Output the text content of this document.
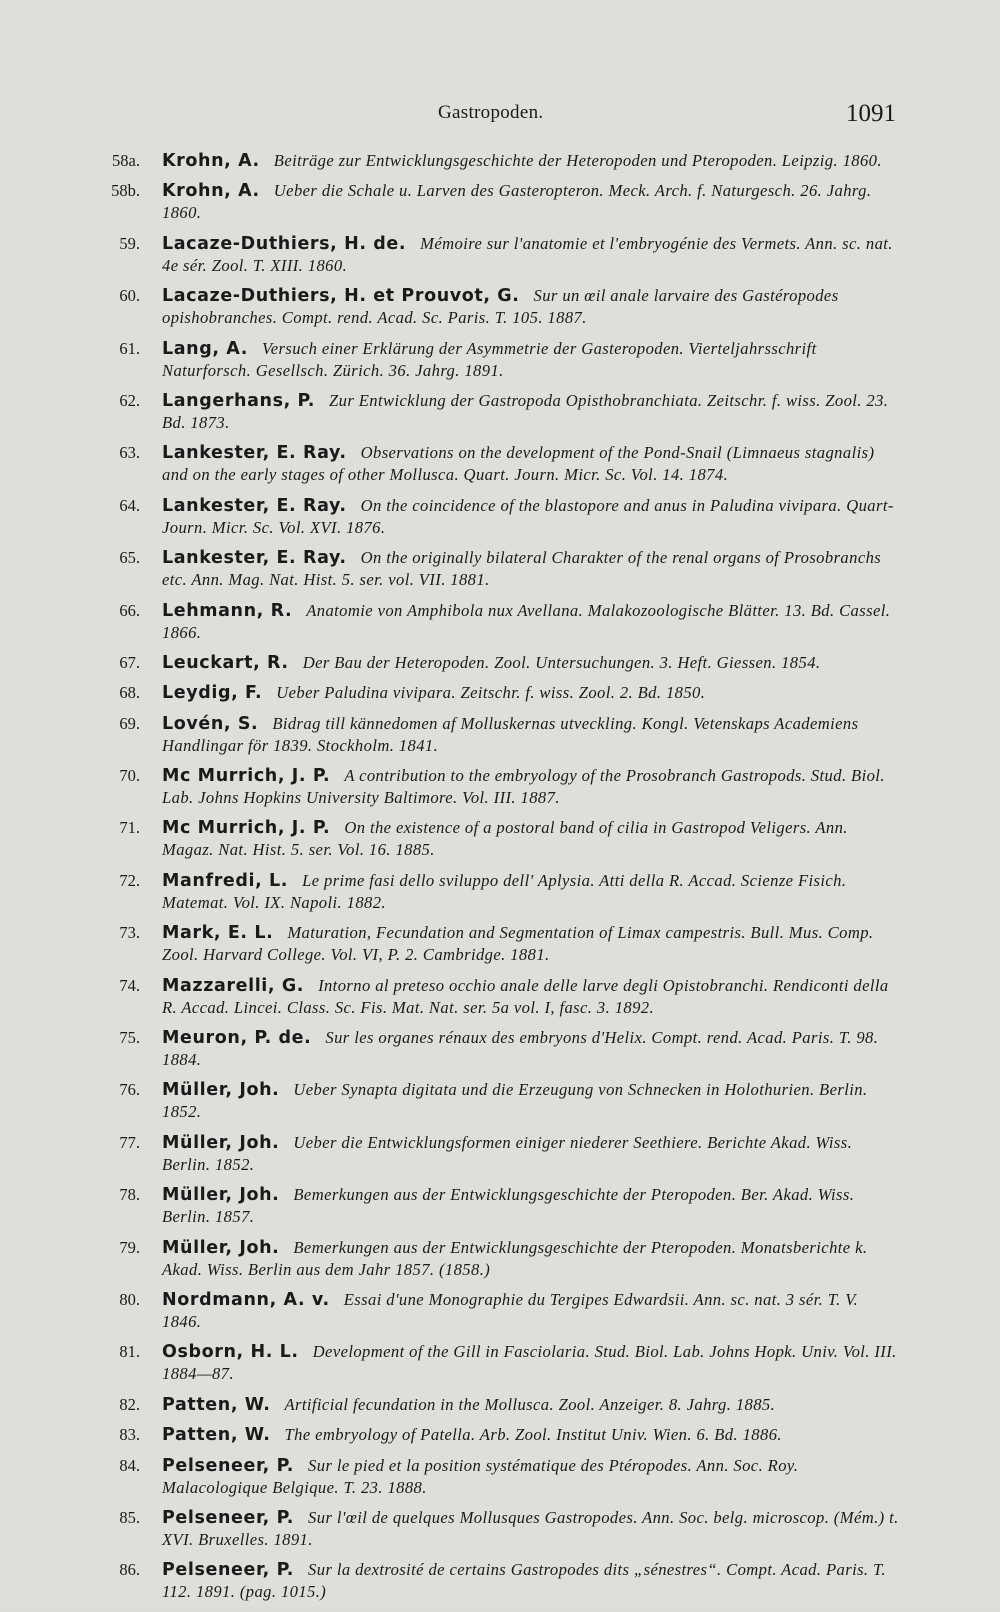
Gastropoden.	1091
58a. Krohn, A. Beiträge zur Entwicklungsgeschichte der Heteropoden und Pteropoden. Leipzig. 1860.
58b. Krohn, A. Ueber die Schale u. Larven des Gasteropteron. Meck. Arch. f. Naturgesch. 26. Jahrg. 1860.
59. Lacaze-Duthiers, H. de. Mémoire sur l'anatomie et l'embryogénie des Vermets. Ann. sc. nat. 4e sér. Zool. T. XIII. 1860.
60. Lacaze-Duthiers, H. et Prouvot, G. Sur un œil anale larvaire des Gastéropodes opishobranches. Compt. rend. Acad. Sc. Paris. T. 105. 1887.
61. Lang, A. Versuch einer Erklärung der Asymmetrie der Gasteropoden. Vierteljahrsschrift Naturforsch. Gesellsch. Zürich. 36. Jahrg. 1891.
62. Langerhans, P. Zur Entwicklung der Gastropoda Opisthobranchiata. Zeitschr. f. wiss. Zool. 23. Bd. 1873.
63. Lankester, E. Ray. Observations on the development of the Pond-Snail (Limnaeus stagnalis) and on the early stages of other Mollusca. Quart. Journ. Micr. Sc. Vol. 14. 1874.
64. Lankester, E. Ray. On the coincidence of the blastopore and anus in Paludina vivipara. Quart-Journ. Micr. Sc. Vol. XVI. 1876.
65. Lankester, E. Ray. On the originally bilateral Charakter of the renal organs of Prosobranchs etc. Ann. Mag. Nat. Hist. 5. ser. vol. VII. 1881.
66. Lehmann, R. Anatomie von Amphibola nux Avellana. Malakozoologische Blätter. 13. Bd. Cassel. 1866.
67. Leuckart, R. Der Bau der Heteropoden. Zool. Untersuchungen. 3. Heft. Giessen. 1854.
68. Leydig, F. Ueber Paludina vivipara. Zeitschr. f. wiss. Zool. 2. Bd. 1850.
69. Lovén, S. Bidrag till kännedomen af Molluskernas utveckling. Kongl. Vetenskaps Academiens Handlingar för 1839. Stockholm. 1841.
70. Mc Murrich, J. P. A contribution to the embryology of the Prosobranch Gastropods. Stud. Biol. Lab. Johns Hopkins University Baltimore. Vol. III. 1887.
71. Mc Murrich, J. P. On the existence of a postoral band of cilia in Gastropod Veligers. Ann. Magaz. Nat. Hist. 5. ser. Vol. 16. 1885.
72. Manfredi, L. Le prime fasi dello sviluppo dell' Aplysia. Atti della R. Accad. Scienze Fisich. Matemat. Vol. IX. Napoli. 1882.
73. Mark, E. L. Maturation, Fecundation and Segmentation of Limax campestris. Bull. Mus. Comp. Zool. Harvard College. Vol. VI, P. 2. Cambridge. 1881.
74. Mazzarelli, G. Intorno al preteso occhio anale delle larve degli Opistobranchi. Rendiconti della R. Accad. Lincei. Class. Sc. Fis. Mat. Nat. ser. 5a vol. I, fasc. 3. 1892.
75. Meuron, P. de. Sur les organes rénaux des embryons d'Helix. Compt. rend. Acad. Paris. T. 98. 1884.
76. Müller, Joh. Ueber Synapta digitata und die Erzeugung von Schnecken in Holothurien. Berlin. 1852.
77. Müller, Joh. Ueber die Entwicklungsformen einiger niederer Seethiere. Berichte Akad. Wiss. Berlin. 1852.
78. Müller, Joh. Bemerkungen aus der Entwicklungsgeschichte der Pteropoden. Ber. Akad. Wiss. Berlin. 1857.
79. Müller, Joh. Bemerkungen aus der Entwicklungsgeschichte der Pteropoden. Monatsberichte k. Akad. Wiss. Berlin aus dem Jahr 1857. (1858.)
80. Nordmann, A. v. Essai d'une Monographie du Tergipes Edwardsii. Ann. sc. nat. 3 sér. T. V. 1846.
81. Osborn, H. L. Development of the Gill in Fasciolaria. Stud. Biol. Lab. Johns Hopk. Univ. Vol. III. 1884—87.
82. Patten, W. Artificial fecundation in the Mollusca. Zool. Anzeiger. 8. Jahrg. 1885.
83. Patten, W. The embryology of Patella. Arb. Zool. Institut Univ. Wien. 6. Bd. 1886.
84. Pelseneer, P. Sur le pied et la position systématique des Ptéropodes. Ann. Soc. Roy. Malacologique Belgique. T. 23. 1888.
85. Pelseneer, P. Sur l'œil de quelques Mollusques Gastropodes. Ann. Soc. belg. microscop. (Mém.) t. XVI. Bruxelles. 1891.
86. Pelseneer, P. Sur la dextrosité de certains Gastropodes dits „sénestres“. Compt. Acad. Paris. T. 112. 1891. (pag. 1015.)
